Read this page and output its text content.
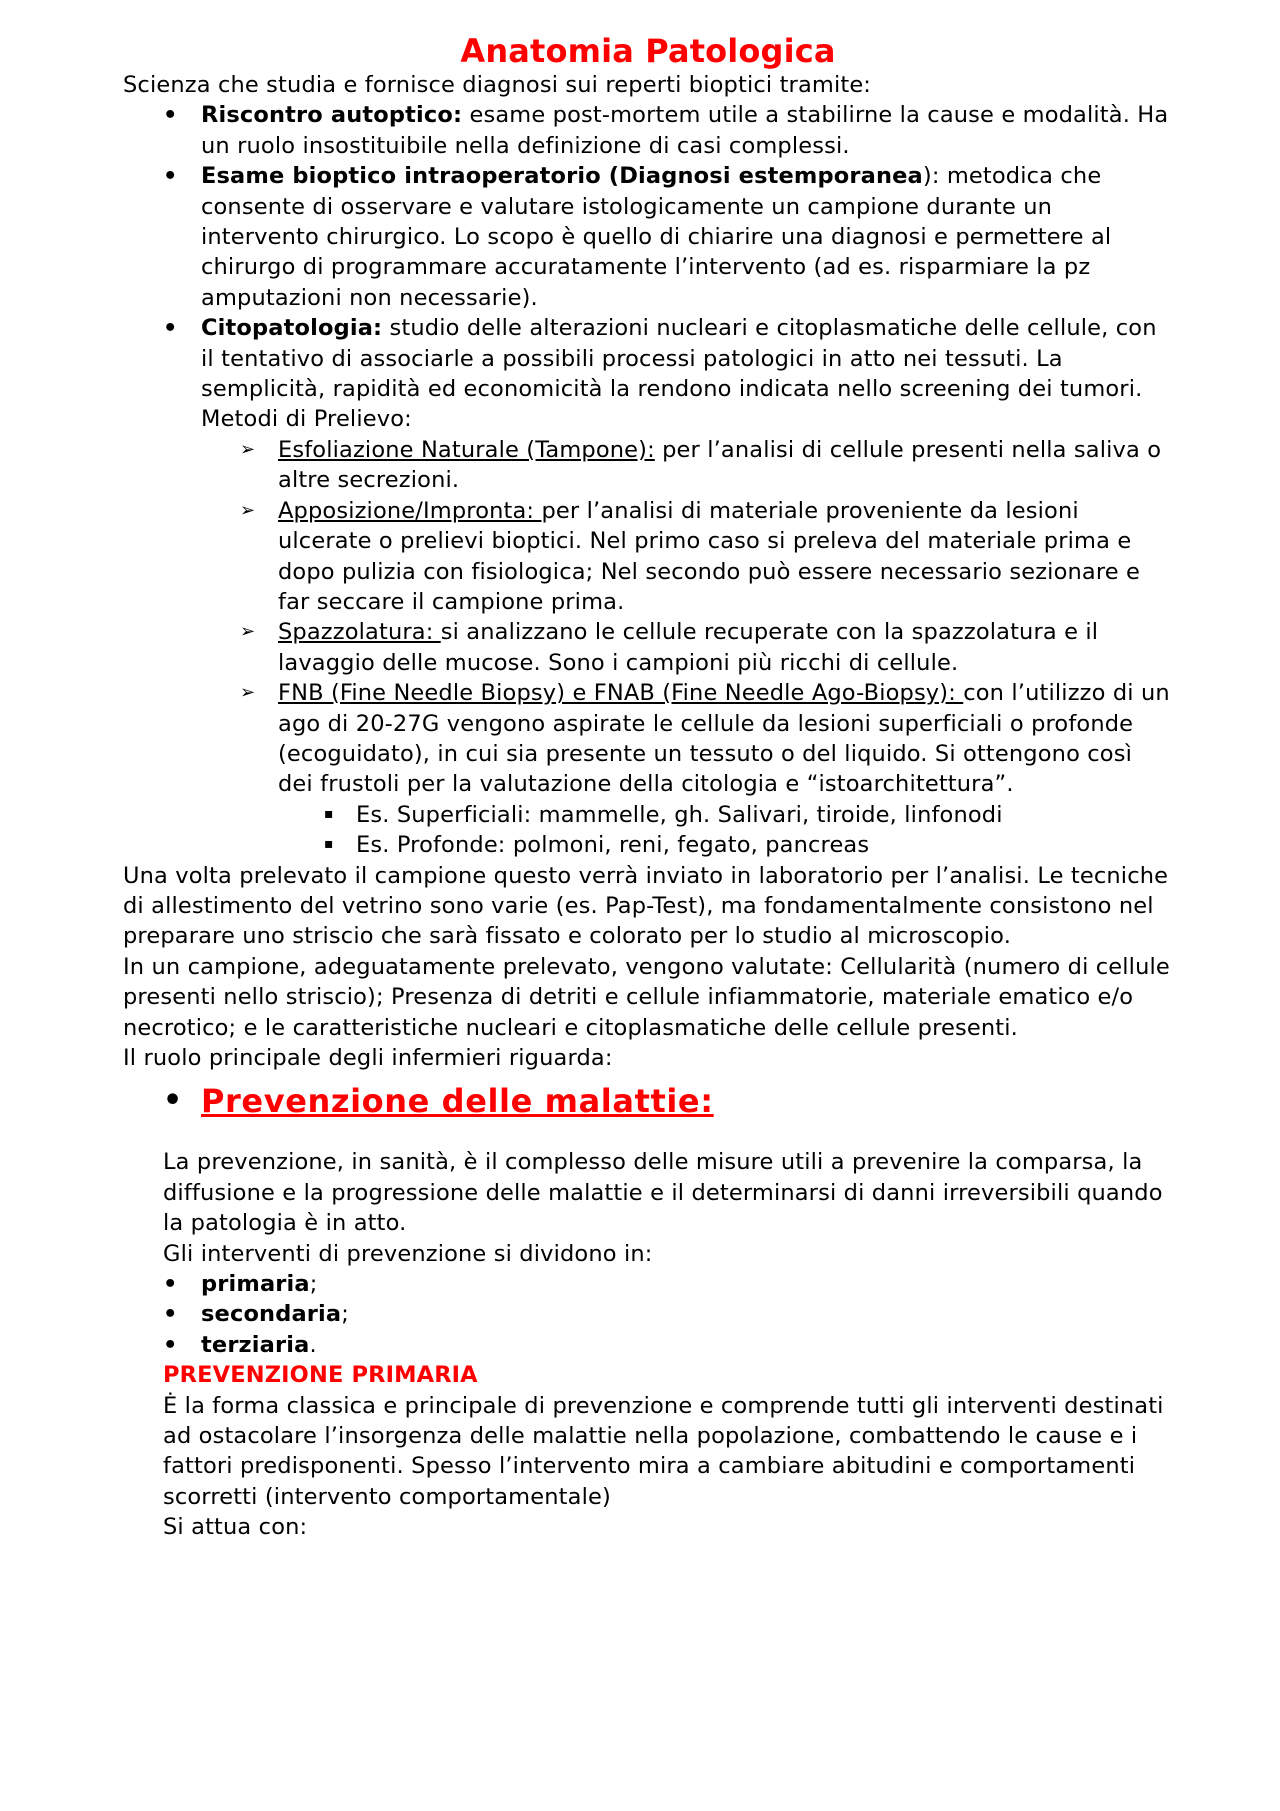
Anatomia Patologica

Scienza che studia e fornisce diagnosi sui reperti bioptici tramite:

• Riscontro autoptico: esame post-mortem utile a stabilirne la cause e modalità. Ha un ruolo insostituibile nella definizione di casi complessi.
• Esame bioptico intraoperatorio (Diagnosi estemporanea): metodica che consente di osservare e valutare istologicamente un campione durante un intervento chirurgico. Lo scopo è quello di chiarire una diagnosi e permettere al chirurgo di programmare accuratamente l’intervento (ad es. risparmiare la pz amputazioni non necessarie).
• Citopatologia: studio delle alterazioni nucleari e citoplasmatiche delle cellule, con il tentativo di associarle a possibili processi patologici in atto nei tessuti. La semplicità, rapidità ed economicità la rendono indicata nello screening dei tumori.

Metodi di Prelievo:

➢ Esfoliazione Naturale (Tampone): per l’analisi di cellule presenti nella saliva o altre secrezioni.
➢ Apposizione/Impronta: per l’analisi di materiale proveniente da lesioni ulcerate o prelievi bioptici. Nel primo caso si preleva del materiale prima e dopo pulizia con fisiologica; Nel secondo può essere necessario sezionare e far seccare il campione prima.
➢ Spazzolatura: si analizzano le cellule recuperate con la spazzolatura e il lavaggio delle mucose. Sono i campioni più ricchi di cellule.
➢ FNB (Fine Needle Biopsy) e FNAB (Fine Needle Ago-Biopsy): con l’utilizzo di un ago di 20-27G vengono aspirate le cellule da lesioni superficiali o profonde (ecoguidato), in cui sia presente un tessuto o del liquido. Si ottengono così dei frustoli per la valutazione della citologia e “istoarchitettura”.
▪ Es. Superficiali: mammelle, gh. Salivari, tiroide, linfonodi
▪ Es. Profonde: polmoni, reni, fegato, pancreas

Una volta prelevato il campione questo verrà inviato in laboratorio per l’analisi. Le tecniche di allestimento del vetrino sono varie (es. Pap-Test), ma fondamentalmente consistono nel preparare uno striscio che sarà fissato e colorato per lo studio al microscopio.

In un campione, adeguatamente prelevato, vengono valutate: Cellularità (numero di cellule presenti nello striscio); Presenza di detriti e cellule infiammatorie, materiale ematico e/o necrotico; e le caratteristiche nucleari e citoplasmatiche delle cellule presenti.

Il ruolo principale degli infermieri riguarda:

• Prevenzione delle malattie:

La prevenzione, in sanità, è il complesso delle misure utili a prevenire la comparsa, la diffusione e la progressione delle malattie e il determinarsi di danni irreversibili quando la patologia è in atto.

Gli interventi di prevenzione si dividono in:

• primaria;
• secondaria;
• terziaria.

PREVENZIONE PRIMARIA

Ė la forma classica e principale di prevenzione e comprende tutti gli interventi destinati ad ostacolare l’insorgenza delle malattie nella popolazione, combattendo le cause e i fattori predisponenti. Spesso l’intervento mira a cambiare abitudini e comportamenti scorretti (intervento comportamentale)

Si attua con:
